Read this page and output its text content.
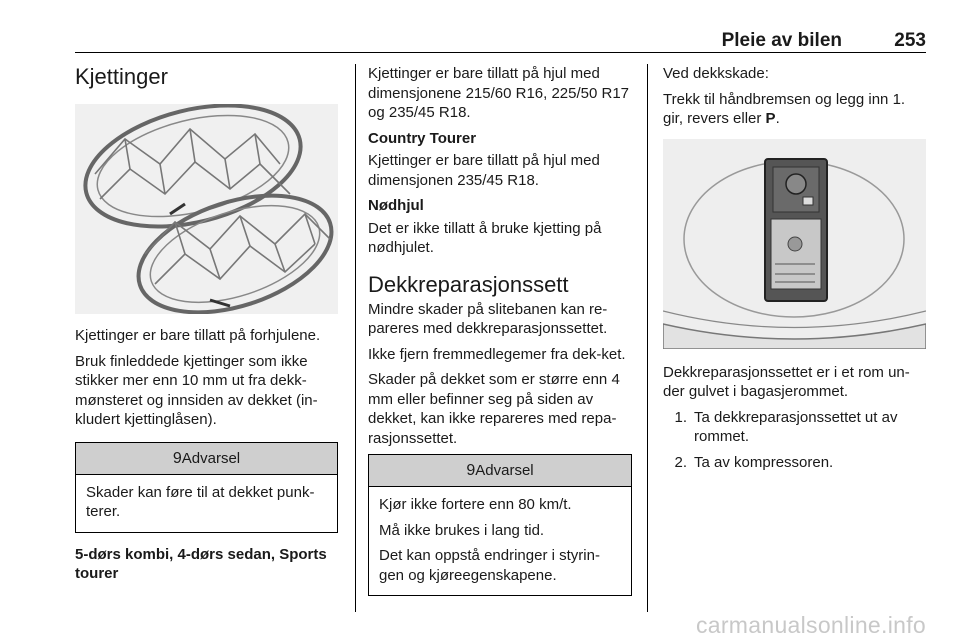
Pleie av bilen	253
Kjettinger

Kjettinger er bare tillatt på forhjulene.

Bruk finleddede kjettinger som ikke stikker mer enn 10 mm ut fra dekk-mønsteret og innsiden av dekket (in-kludert kjettinglåsen).

9Advarsel

Skader kan føre til at dekket punk-terer.

5-dørs kombi, 4-dørs sedan, Sports tourer

Kjettinger er bare tillatt på hjul med dimensjonene 215/60 R16, 225/50 R17 og 235/45 R18.

Country Tourer

Kjettinger er bare tillatt på hjul med dimensjonen 235/45 R18.

Nødhjul

Det er ikke tillatt å bruke kjetting på nødhjulet.

Dekkreparasjonssett

Mindre skader på slitebanen kan re-pareres med dekkreparasjonssettet.

Ikke fjern fremmedlegemer fra dek-ket.

Skader på dekket som er større enn 4 mm eller befinner seg på siden av dekket, kan ikke repareres med repa-rasjonssettet.

9Advarsel

Kjør ikke fortere enn 80 km/t.

Må ikke brukes i lang tid.

Det kan oppstå endringer i styrin-gen og kjøreegenskapene.

Ved dekkskade:

Trekk til håndbremsen og legg inn 1. gir, revers eller P.

Dekkreparasjonssettet er i et rom un-der gulvet i bagasjerommet.

1. Ta dekkreparasjonssettet ut av rommet.
2. Ta av kompressoren.
carmanualsonline.info
